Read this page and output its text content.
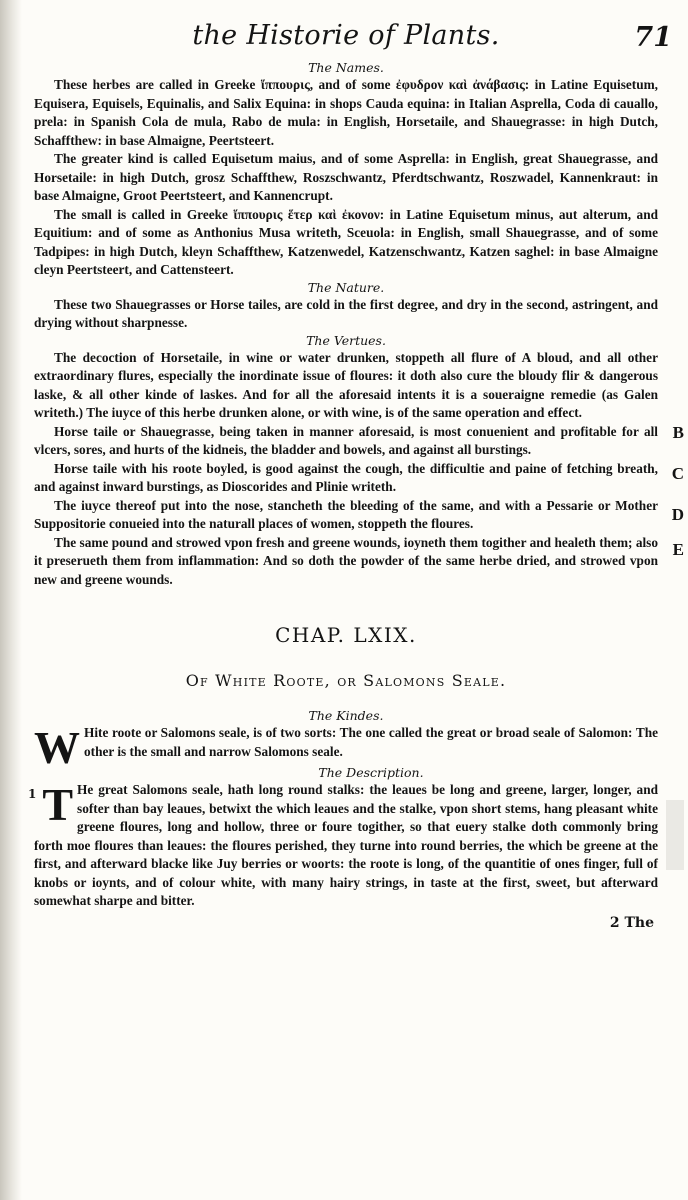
the Historie of Plants.	71

The Names.

These herbes are called in Greeke ἵππουρις, and of some ἐφυδρον καὶ ἀνάβασις: in Latine Equisetum, Equisera, Equisels, Equinalis, and Salix Equina: in shops Cauda equina: in Italian Asprella, Coda di cauallo, prela: in Spanish Cola de mula, Rabo de mula: in English, Horsetaile, and Shauegrasse: in high Dutch, Schaffthew: in base Almaigne, Peertsteert.

The greater kind is called Equisetum maius, and of some Asprella: in English, great Shauegrasse, and Horsetaile: in high Dutch, grosz Schaffthew, Roszschwantz, Pferdtschwantz, Roszwadel, Kannenkraut: in base Almaigne, Groot Peertsteert, and Kannencrupt.

The small is called in Greeke ἵππουρις ἕτερ καὶ ἐκονον: in Latine Equisetum minus, aut alterum, and Equitium: and of some as Anthonius Musa writeth, Sceuola: in English, small Shauegrasse, and of some Tadpipes: in high Dutch, kleyn Schaffthew, Katzenwedel, Katzenschwantz, Katzen saghel: in base Almaigne cleyn Peertsteert, and Cattensteert.

The Nature.

These two Shauegrasses or Horse tailes, are cold in the first degree, and dry in the second, astringent, and drying without sharpnesse.

The Vertues.

The decoction of Horsetaile, in wine or water drunken, stoppeth all flure of A bloud, and all other extraordinary flures, especially the inordinate issue of floures: it doth also cure the bloudy flir & dangerous laske, & all other kinde of laskes. And for all the aforesaid intents it is a soueraigne remedie (as Galen writeth.) The iuyce of this herbe drunken alone, or with wine, is of the same operation and effect.

B

Horse taile or Shauegrasse, being taken in manner aforesaid, is most conuenient and profitable for all vlcers, sores, and hurts of the kidneis, the bladder and bowels, and against all burstings.

C

Horse taile with his roote boyled, is good against the cough, the difficultie and paine of fetching breath, and against inward burstings, as Dioscorides and Plinie writeth.

D

The iuyce thereof put into the nose, stancheth the bleeding of the same, and with a Pessarie or Mother Suppositorie conueied into the naturall places of women, stoppeth the floures.

E

The same pound and strowed vpon fresh and greene wounds, ioyneth them togither and healeth them; also it preserueth them from inflammation: And so doth the powder of the same herbe dried, and strowed vpon new and greene wounds.

CHAP. LXIX.
Of White Roote, or Salomons Seale.

The Kindes.

W Hite roote or Salomons seale, is of two sorts: The one called the great or broad seale of Salomon: The other is the small and narrow Salomons seale.

The Description.

1 T He great Salomons seale, hath long round stalks: the leaues be long and greene, larger, longer, and softer than bay leaues, betwixt the which leaues and the stalke, vpon short stems, hang pleasant white greene floures, long and hollow, three or foure togither, so that euery stalke doth commonly bring forth moe floures than leaues: the floures perished, they turne into round berries, the which be greene at the first, and afterward blacke like Juy berries or woorts: the roote is long, of the quantitie of ones finger, full of knobs or ioynts, and of colour white, with many hairy strings, in taste at the first, sweet, but afterward somewhat sharpe and bitter.

2 The
